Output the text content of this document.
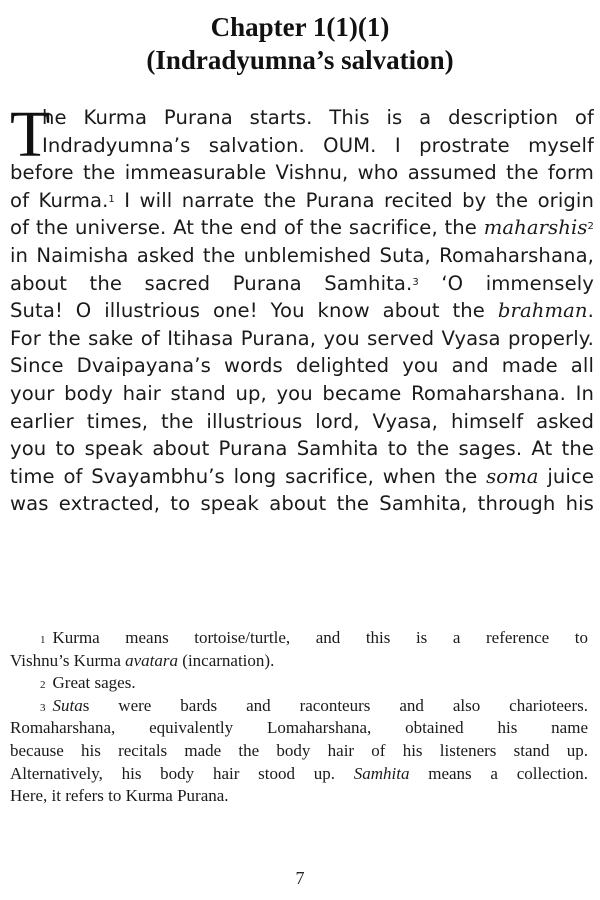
Chapter 1(1)(1)
(Indradyumna’s salvation)
T
he Kurma Purana starts. This is a description of
Indradyumna’s salvation. OUM. I prostrate myself
before the immeasurable Vishnu, who assumed the form
of Kurma.$^1$ I will narrate the Purana recited by the origin
of the universe. At the end of the sacrifice, the maharshis$^2$
in Naimisha asked the unblemished Suta, Romaharshana,
about the sacred Purana Samhita.$^3$ ‘O immensely
Suta! O illustrious one! You know about the brahman.
For the sake of Itihasa Purana, you served Vyasa properly.
Since Dvaipayana’s words delighted you and made all
your body hair stand up, you became Romaharshana. In
earlier times, the illustrious lord, Vyasa, himself asked
you to speak about Purana Samhita to the sages. At the
time of Svayambhu’s long sacrifice, when the soma juice
was extracted, to speak about the Samhita, through his
$^1$ Kurma means tortoise/turtle, and this is a reference to
Vishnu’s Kurma avatara (incarnation).
$^2$ Great sages.
$^3$ Sutas were bards and raconteurs and also charioteers.
Romaharshana, equivalently Lomaharshana, obtained his name
because his recitals made the body hair of his listeners stand up.
Alternatively, his body hair stood up. Samhita means a collection.
Here, it refers to Kurma Purana.
7
